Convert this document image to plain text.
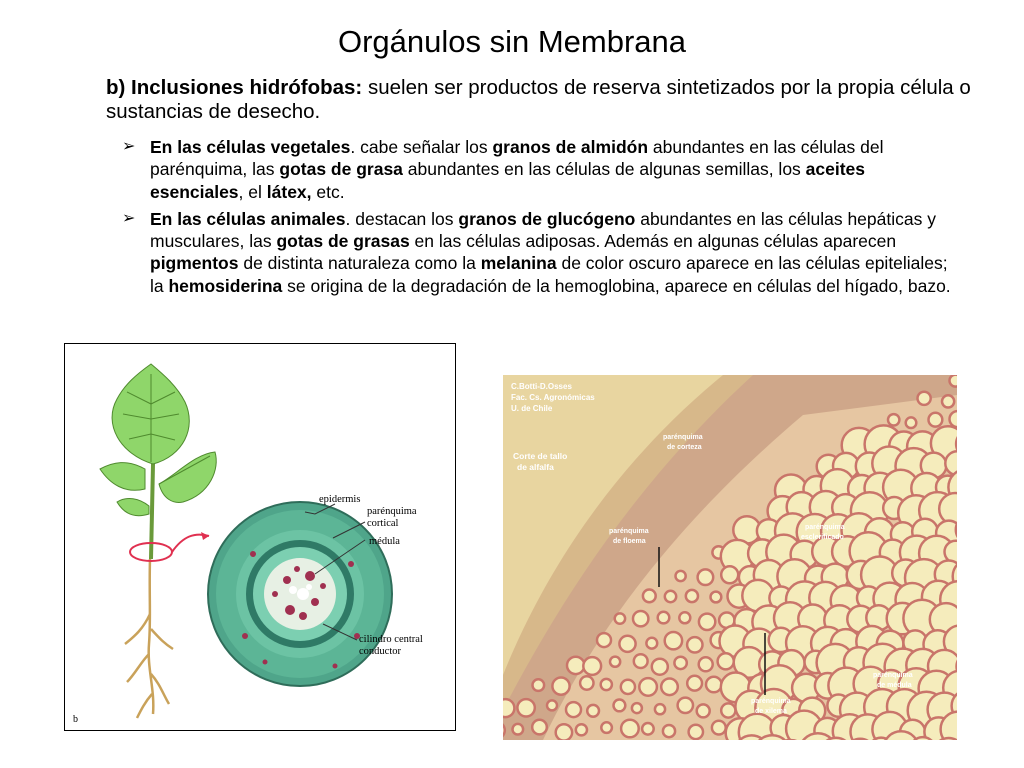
Orgánulos sin Membrana
b) Inclusiones hidrófobas: suelen ser productos de reserva sintetizados por la propia célula o sustancias de desecho.
➢ En las células vegetales. cabe señalar los granos de almidón abundantes en las células del parénquima, las gotas de grasa abundantes en las células de algunas semillas, los aceites esenciales, el látex, etc.
➢ En las células animales. destacan los granos de glucógeno abundantes en las células hepáticas y musculares, las gotas de grasas en las células adiposas. Además en algunas células aparecen pigmentos de distinta naturaleza como la melanina de color oscuro aparece en las células epiteliales; la hemosiderina se origina de la degradación de la hemoglobina, aparece en células del hígado, bazo.
epidermis
parénquima
cortical
médula
cilindro central
conductor
b
C.Botti-D.Osses
Fac. Cs. Agronómicas
U. de Chile
Corte de tallo
de alfalfa
parénquima
de corteza
parénquima
de floema
parénquima
esclerificado
parénquima
de xilema
parénquima
de médula
